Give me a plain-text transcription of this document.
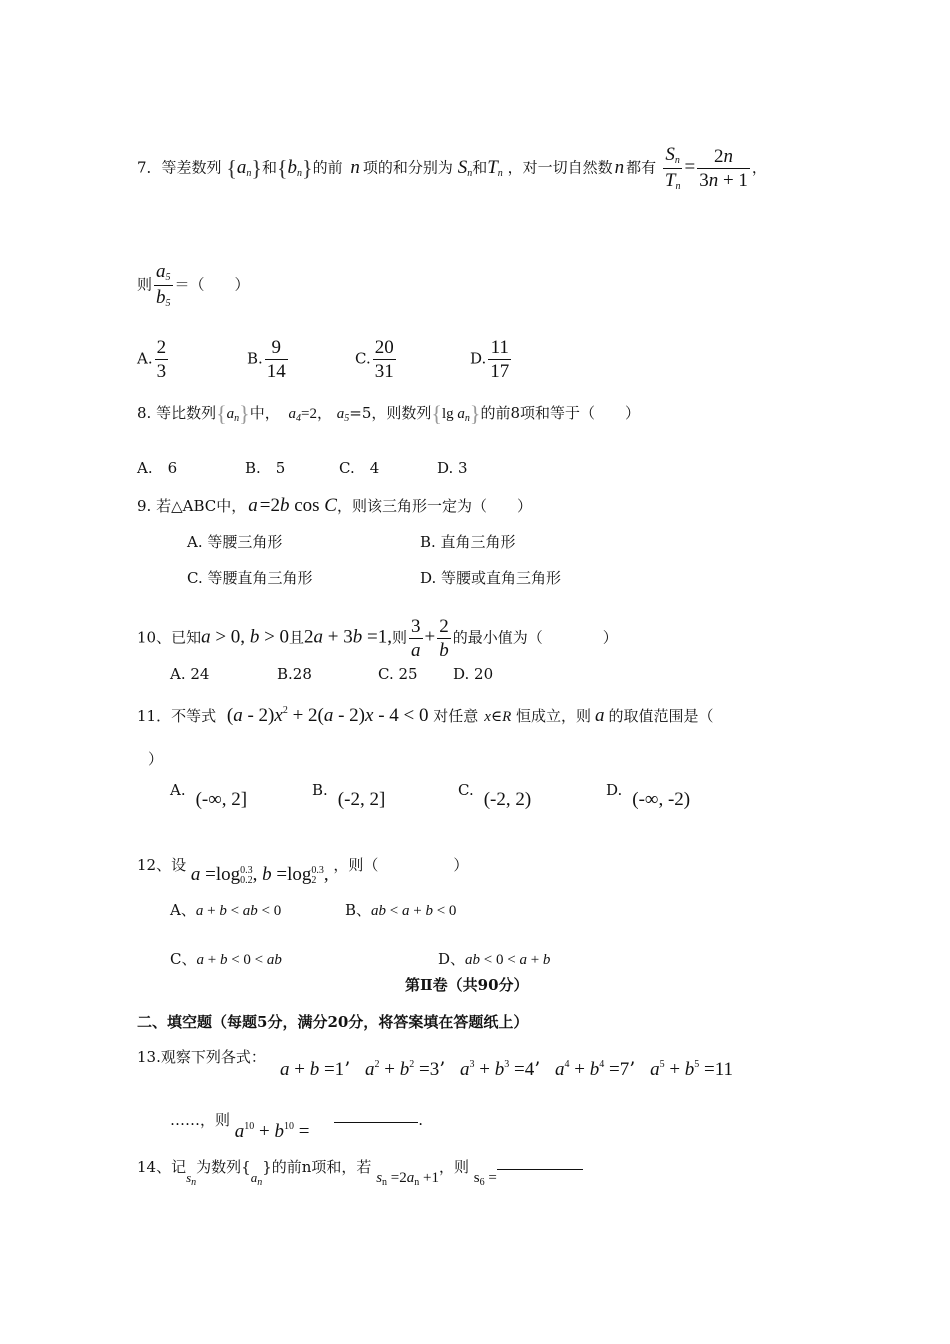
7．等差数列 $\{a_n\}$和$\{b_n\}$的前 n 项的和分别为 $S_n$和$T_n$ ，对一切自然数 n 都有 $\frac{S_n}{T_n} = \frac{2n}{3n + 1}$ ，
则 $\frac{a_5}{b_5}$ ＝（　　）
A. $\frac{2}{3}$	B. $\frac{9}{14}$	C. $\frac{20}{31}$	D. $\frac{11}{17}$
8. 等比数列$\{a_n\}$中， $a_4=2$， $a_5=5$，则数列{lg $a_n$}的前8项和等于（　　）
A.　6	B.　5	C.　4	D. 3
9. 若△ABC中， a =2b cos C，则该三角形一定为（　　）
A. 等腰三角形	B. 直角三角形
C. 等腰直角三角形	D. 等腰或直角三角形
10、已知a > 0, b > 0且2a + 3b =1,则 $\frac{3}{a} + \frac{2}{b}$ 的最小值为（　　　　）
A. 24	B.28	C. 25 D. 20
11．不等式 $(a - 2)x^2 + 2(a - 2)x - 4 < 0$ 对任意 x∈R 恒成立，则 a 的取值范围是（
）
A. (-∞, 2]	B. (-2, 2]	C. (-2, 2)	D. (-∞, -2)
12、设 a =log 0.3
0.2 , b =log 0.3
2 , ，则（　　　　　）
A、a + b < ab < 0	B、ab < a + b < 0
C、a + b < 0 < ab	D、ab < 0 < a + b
第Ⅱ卷（共90分）
二、填空题（每题5分，满分20分，将答案填在答题纸上）
13.观察下列各式：
a + b =1’ $a^2 + b^2 =3$’ $a^3 + b^3 =4$’ $a^4 + b^4 =7$’ $a^5 + b^5 =11$
……，则 $a^{10} + b^{10}$ = .
14、记$s_n$为数列$\{a_n\}$的前n项和，若 $s_n =2a_n +1$，则 $s_6$ =
